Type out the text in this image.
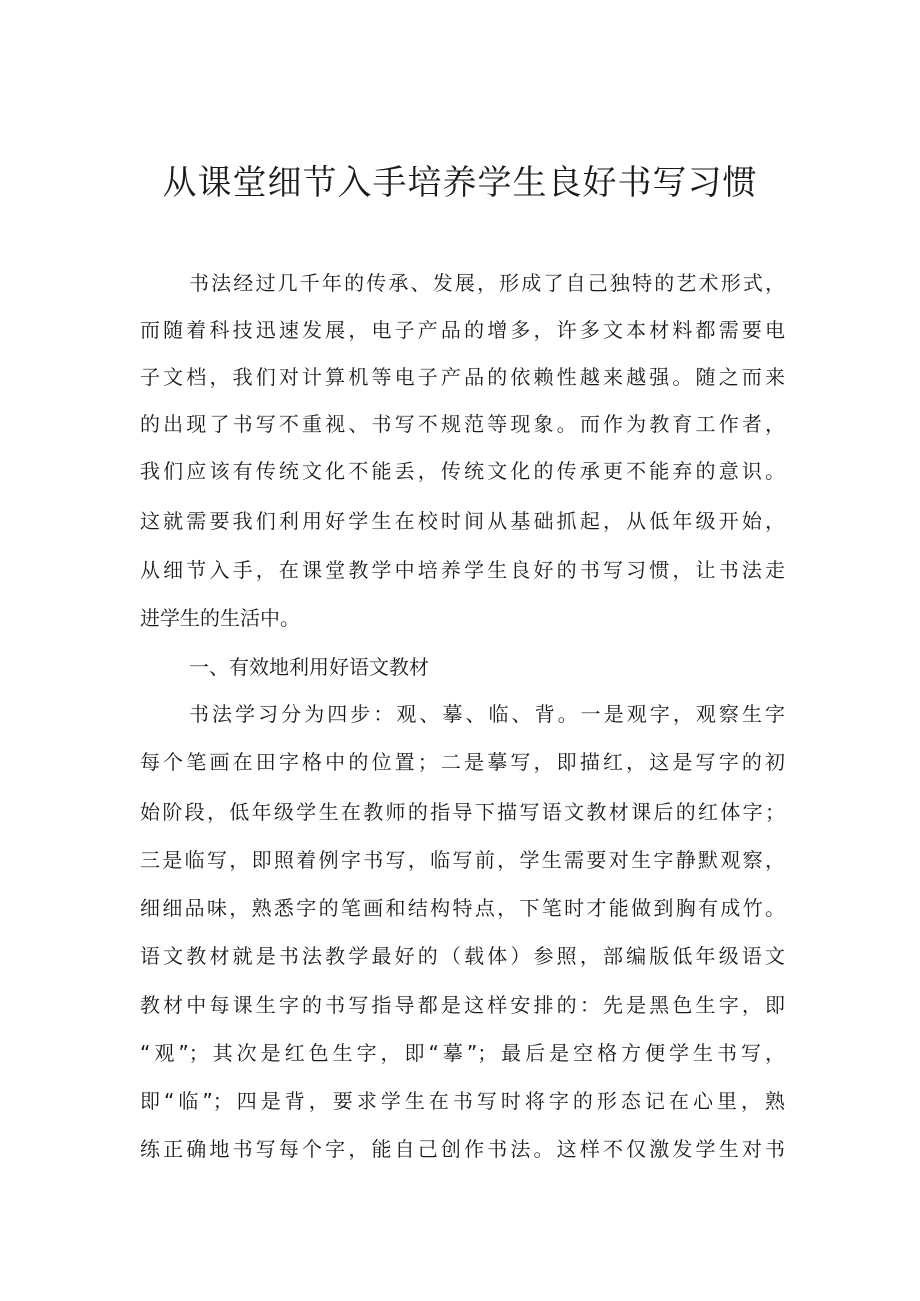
从课堂细节入手培养学生良好书写习惯

书法经过几千年的传承、发展，形成了自己独特的艺术形式，

而随着科技迅速发展，电子产品的增多，许多文本材料都需要电

子文档，我们对计算机等电子产品的依赖性越来越强。随之而来

的出现了书写不重视、书写不规范等现象。而作为教育工作者，

我们应该有传统文化不能丢，传统文化的传承更不能弃的意识。

这就需要我们利用好学生在校时间从基础抓起，从低年级开始，

从细节入手，在课堂教学中培养学生良好的书写习惯，让书法走

进学生的生活中。

一、有效地利用好语文教材

书法学习分为四步：观、摹、临、背。一是观字，观察生字

每个笔画在田字格中的位置；二是摹写，即描红，这是写字的初

始阶段，低年级学生在教师的指导下描写语文教材课后的红体字；

三是临写，即照着例字书写，临写前，学生需要对生字静默观察，

细细品味，熟悉字的笔画和结构特点，下笔时才能做到胸有成竹。

语文教材就是书法教学最好的（载体）参照，部编版低年级语文

教材中每课生字的书写指导都是这样安排的：先是黑色生字，即

“观”；其次是红色生字，即“摹”；最后是空格方便学生书写，

即“临”；四是背，要求学生在书写时将字的形态记在心里，熟

练正确地书写每个字，能自己创作书法。这样不仅激发学生对书
